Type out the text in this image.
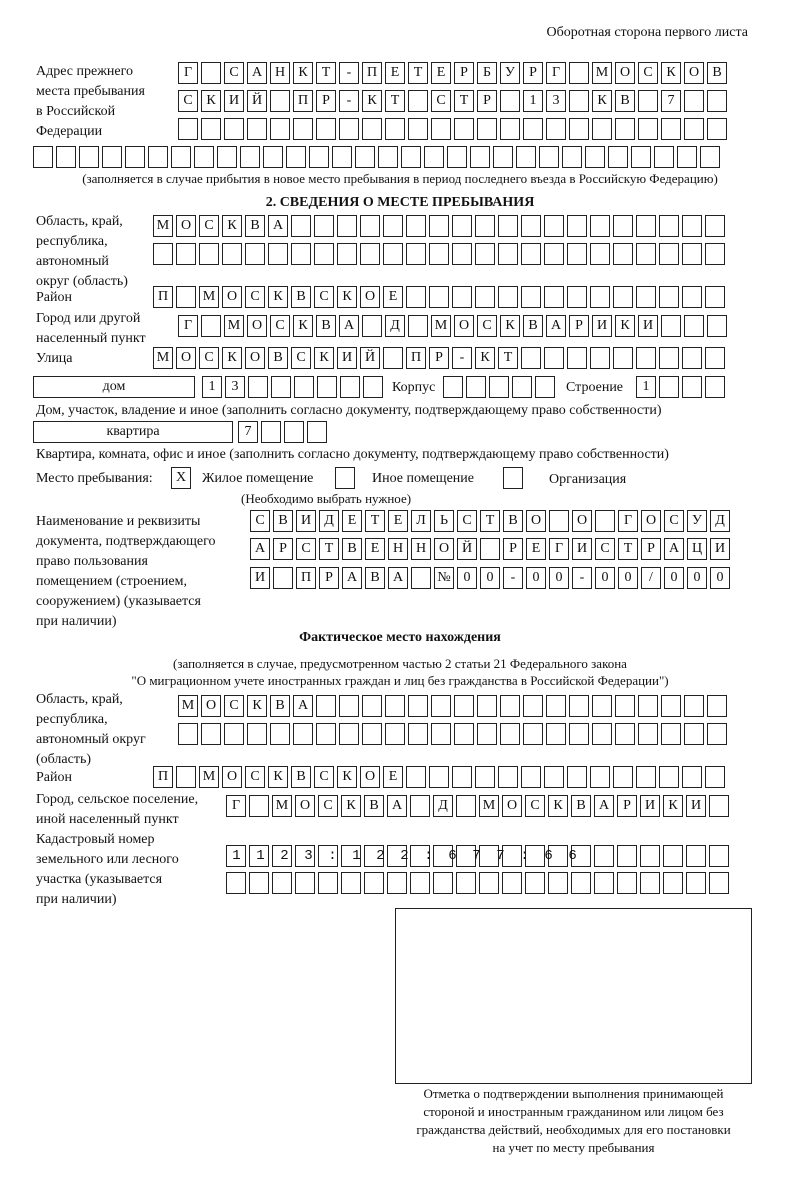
Оборотная сторона первого листа
Адрес прежнего
места пребывания
в Российской
Федерации
Г	С А Н К	Т	-	П Е	Т	Е	Р	Б	У	Р	Г	М О С К О В
С К И Й	П	Р	-	К	Т	С	Т	Р	1	3	К В	7
(заполняется в случае прибытия в новое место пребывания в период последнего въезда в Российскую Федерацию)
2. СВЕДЕНИЯ О МЕСТЕ ПРЕБЫВАНИЯ
Область, край,
республика,
автономный
округ (область)
М О С К В А
Район	П	М О С К В С К О Е
Город или другой
населенный пункт
Г	М О С К В А	Д	М О С К В А	Р	И К И
Улица	М О С К О В С К И Й	П	Р	-	К	Т
дом	1	3	Корпус	Строение	1
Дом, участок, владение и иное (заполнить согласно документу, подтверждающему право собственности)
квартира	7
Квартира, комната, офис и иное (заполнить согласно документу, подтверждающему право собственности)
Место пребывания:	X	Жилое помещение	Иное помещение	Организация
(Необходимо выбрать нужное)
Наименование и реквизиты
документа, подтверждающего
право пользования
помещением (строением,
сооружением) (указывается
при наличии)
С В И Д Е	Т	Е Л	Ь	С	Т	В О	О	Г О С У Д
А	Р	С	Т	В	Е Н Н О Й	Р	Е	Г И С	Т	Р	А Ц И
И	П	Р	А В А	№ 0	0	-	0	0	-	0	0	/	0	0	0
Фактическое место нахождения
(заполняется в случае, предусмотренном частью 2 статьи 21 Федерального закона
"О миграционном учете иностранных граждан и лиц без гражданства в Российской Федерации")
Область, край,
республика,
автономный округ
(область)
М О С К В А
Район	П	М О С К В С К О Е
Город, сельское поселение,
иной населенный пункт
Г	М О С К В А	Д	М О С К В А	Р	И К И
Кадастровый номер
земельного или лесного
участка (указывается
при наличии)
1123:122:677:66
Отметка о подтверждении выполнения принимающей
стороной и иностранным гражданином или лицом без
гражданства действий, необходимых для его постановки
на учет по месту пребывания
